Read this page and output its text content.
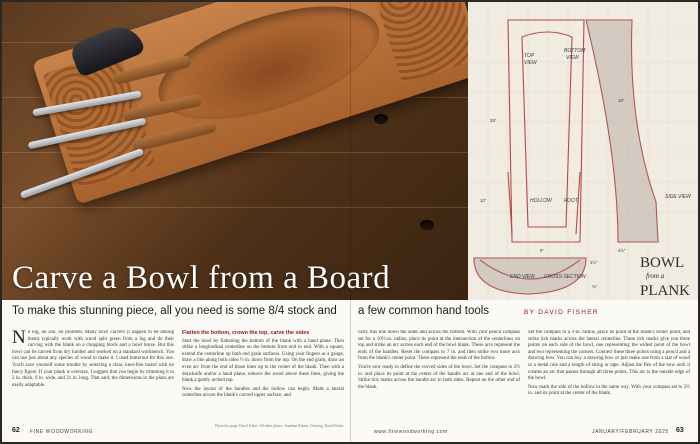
Carve a Bowl from a Board
TOP
VIEW
BOTTOM
VIEW
SIDE VIEW
HOLLOW FOOT
END VIEW CROSS-SECTION
29″
9″
10″
18″
4½″
2½″
¾″
BOWL
from a
PLANK
To make this stunning piece, all you need is some 8/4 stock and a few common hand tools	BY DAVID FISHER

No log, no axe, no problem. Many bowl carvers (I happen to be among them) typically work with wood split green from a log and do their carving with the blank on a chopping block and a bowl horse. But this bowl can be carved from dry lumber and worked on a standard workbench. You can use just about any species of wood to make it. I used butternut for this one. You'll save yourself some trouble by selecting a clear, knot-free board with no fancy figure. If your plank is oversize, I suggest that you begin by trimming it to 2 in. thick, 6 in. wide, and 21 in. long. That said, the dimensions in the plans are easily adaptable.

Flatten the bottom, crown the top, carve the sides

Start the bowl by flattening the bottom of the blank with a hand plane. Then strike a longitudinal centerline on the bottom from end to end. With a square, extend the centerline up both end grain surfaces. Using your fingers as a gauge, draw a line along both sides ½ in. down from the top. On the end grain, draw an even arc from the end of those lines up to the center of the blank. Then with a drawknife and/or a hand plane, remove the wood above these lines, giving the blank a gently arched top.

Now the layout of the handles and the hollow can begin. Mark a lateral centerline across the blank's curved upper surface, and

carry this line down the sides and across the bottom. With your pencil compass set for a 10½-in. radius, place its point at the intersection of the centerlines on top and strike an arc across each end of the bowl blank. These arcs represent the ends of the handles. Reset the compass to 7 in. and then strike two more arcs from the blank's center point. These represent the ends of the hollow.

You're now ready to define the curved sides of the bowl. Set the compass to 2½ in. and place its point at the center of the handle arc at one end of the bowl. Strike tick marks across the handle arc to both sides. Repeat on the other end of the blank.

Set the compass to a 3-in. radius, place its point at the blank's center point, and strike tick marks across the lateral centerline. These tick marks give you three points on each side of the bowl, one representing the widest point of the bowl and two representing the corners. Connect these three points using a pencil and a drawing bow. You can buy a drawing bow or just make one from a slat of wood or a metal rule and a length of string or tape. Adjust the flex of the bow until it creates an arc that passes through all three points. This arc is the outside edge of the bowl.

Now mark the side of the hollow in the same way. With your compass set to 2½ in. and its point at the center of the blank,

Photo this page: David Fisher. All other photos: Jonathan Binzen. Drawing: David Fisher.
62 FINE WOODWORKING	www.finewoodworking.com	JANUARY/FEBRUARY 2025 63
